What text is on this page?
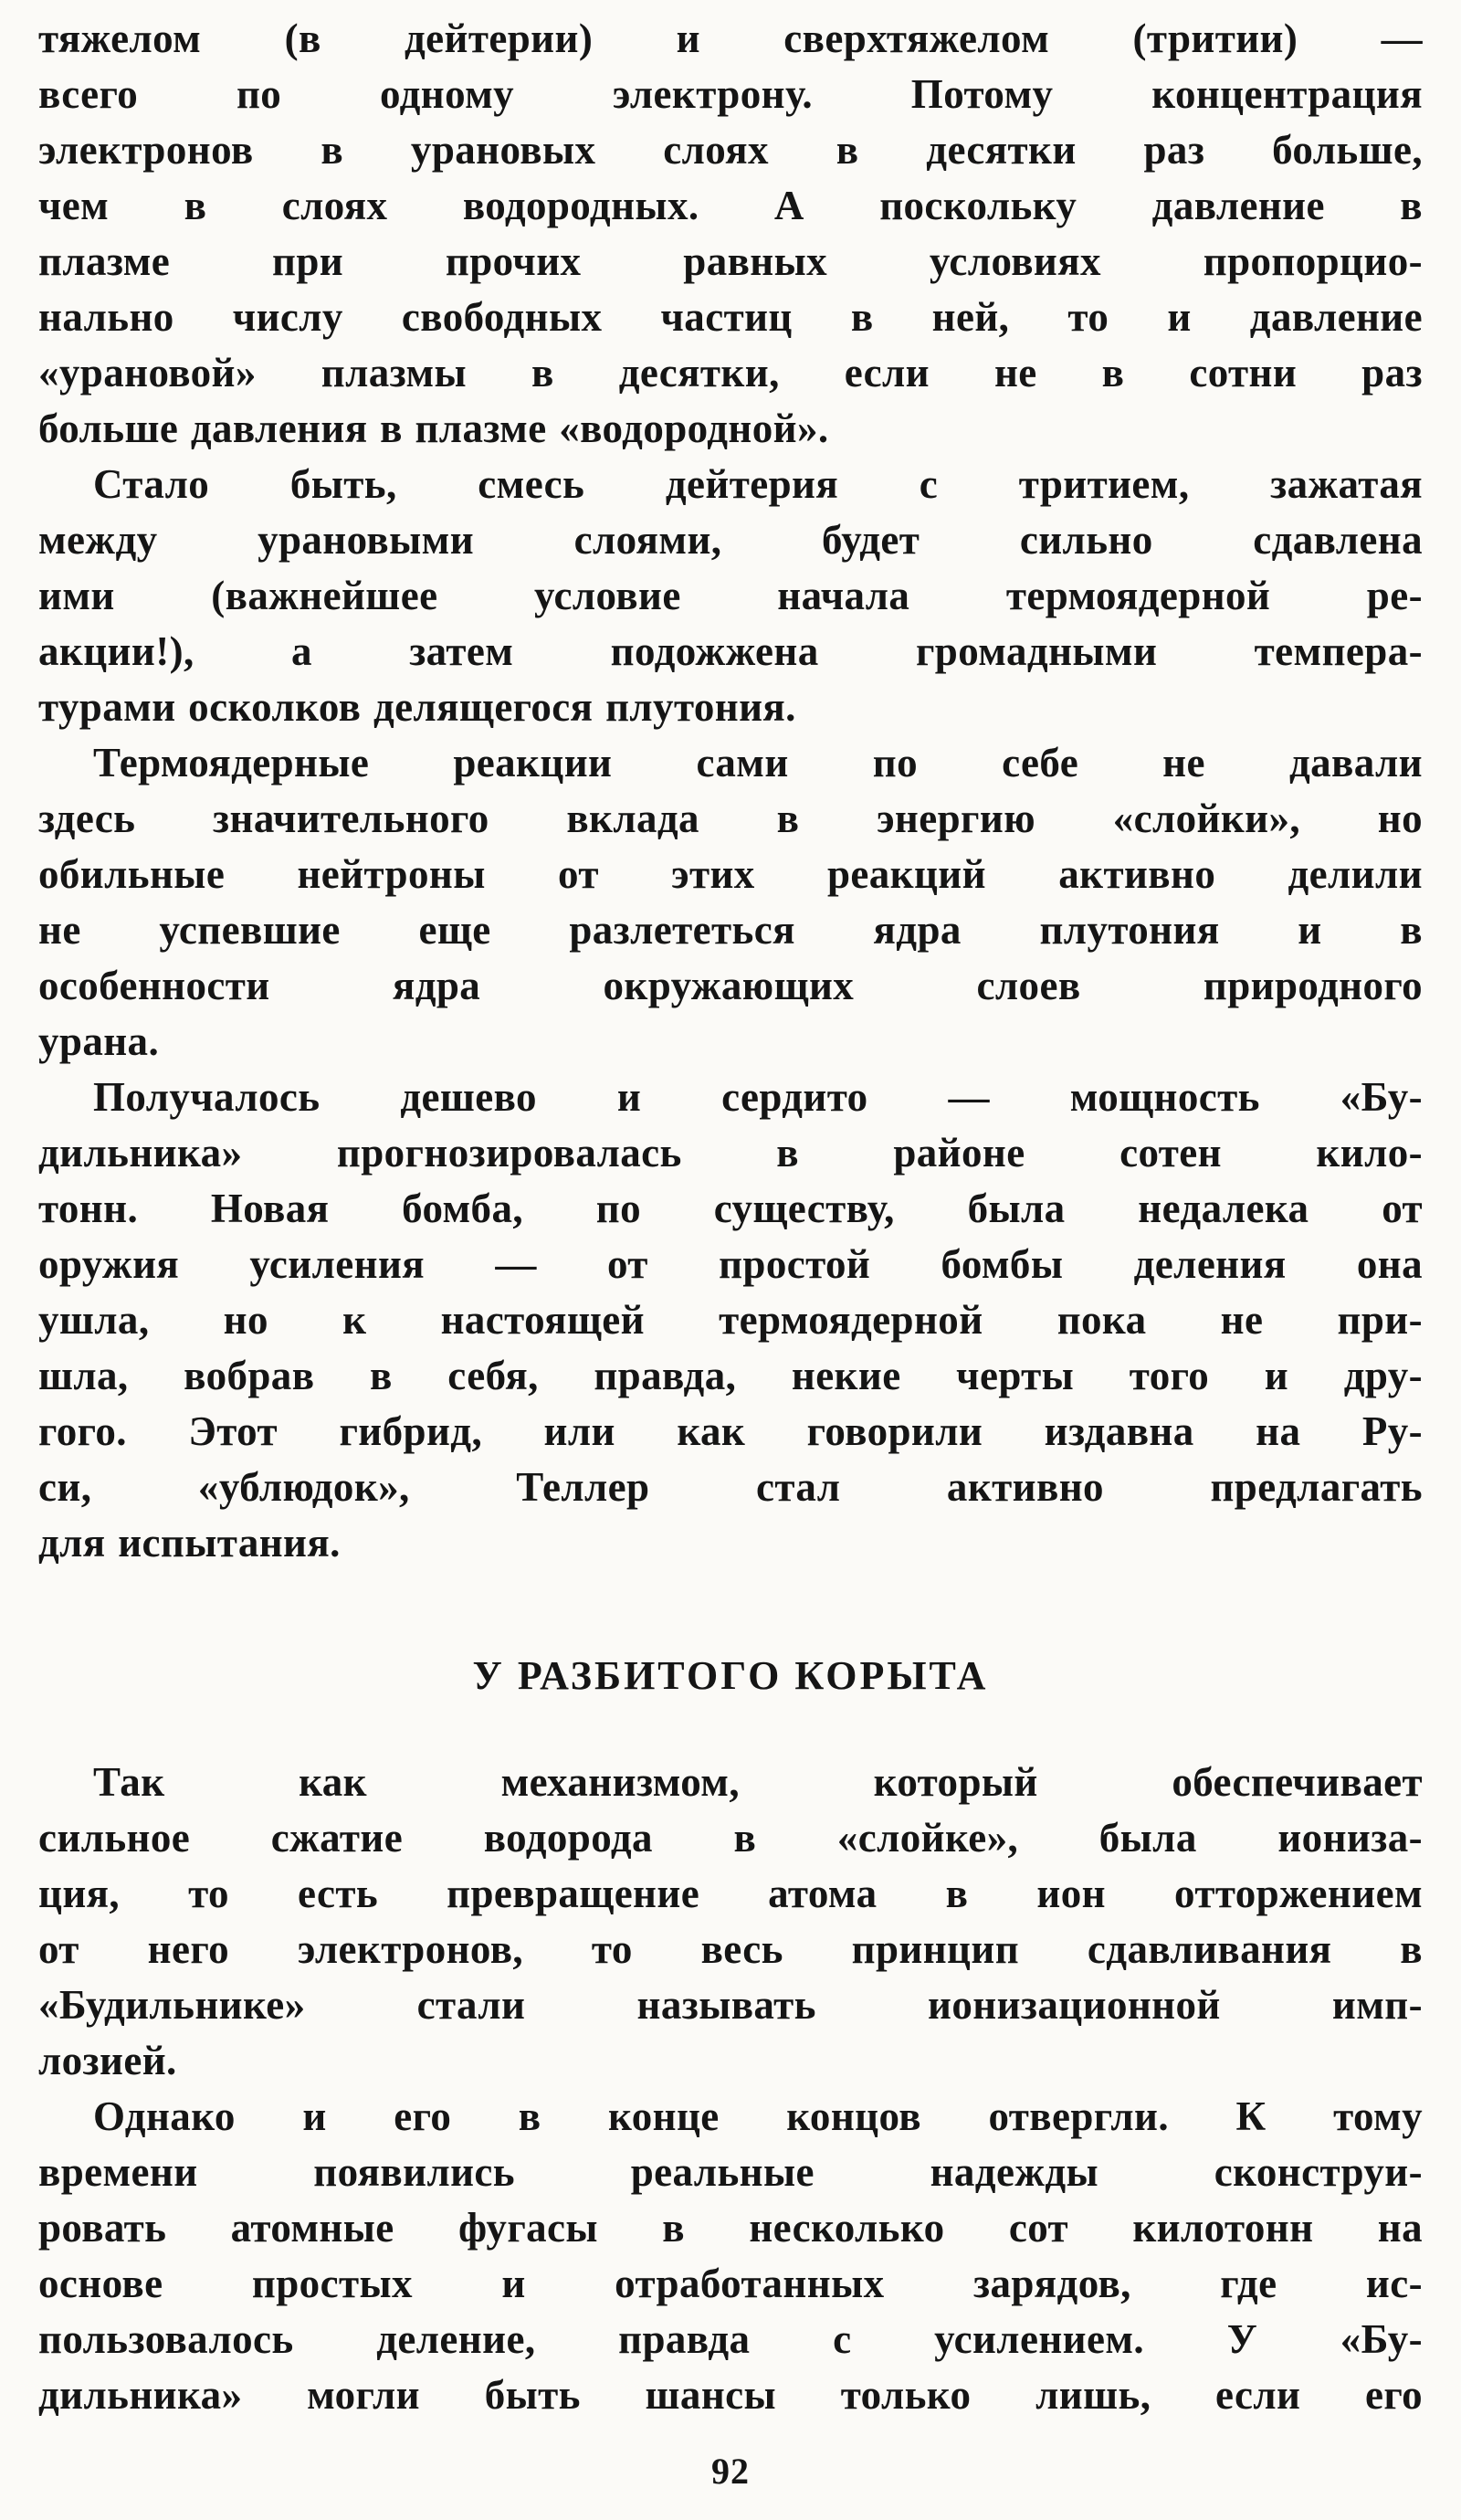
тяжелом (в дейтерии) и сверхтяжелом (тритии) —
всего по одному электрону. Потому концентрация
электронов в урановых слоях в десятки раз больше,
чем в слоях водородных. А поскольку давление в
плазме при прочих равных условиях пропорцио-
нально числу свободных частиц в ней, то и давление
«урановой» плазмы в десятки, если не в сотни раз
больше давления в плазме «водородной».
Стало быть, смесь дейтерия с тритием, зажатая
между урановыми слоями, будет сильно сдавлена
ими (важнейшее условие начала термоядерной ре-
акции!), а затем подожжена громадными темпера-
турами осколков делящегося плутония.
Термоядерные реакции сами по себе не давали
здесь значительного вклада в энергию «слойки», но
обильные нейтроны от этих реакций активно делили
не успевшие еще разлететься ядра плутония и в
особенности ядра окружающих слоев природного
урана.
Получалось дешево и сердито — мощность «Бу-
дильника» прогнозировалась в районе сотен кило-
тонн. Новая бомба, по существу, была недалека от
оружия усиления — от простой бомбы деления она
ушла, но к настоящей термоядерной пока не при-
шла, вобрав в себя, правда, некие черты того и дру-
гого. Этот гибрид, или как говорили издавна на Ру-
си, «ублюдок», Теллер стал активно предлагать
для испытания.
У РАЗБИТОГО КОРЫТА
Так как механизмом, который обеспечивает
сильное сжатие водорода в «слойке», была иониза-
ция, то есть превращение атома в ион отторжением
от него электронов, то весь принцип сдавливания в
«Будильнике» стали называть ионизационной имп-
лозией.
Однако и его в конце концов отвергли. К тому
времени появились реальные надежды сконструи-
ровать атомные фугасы в несколько сот килотонн на
основе простых и отработанных зарядов, где ис-
пользовалось деление, правда с усилением. У «Бу-
дильника» могли быть шансы только лишь, если его
92
